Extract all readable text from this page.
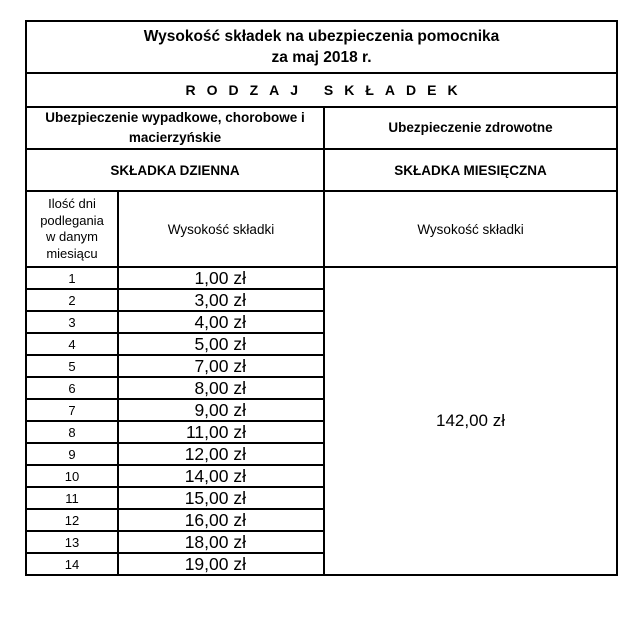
Wysokość składek na ubezpieczenia pomocnika
za maj 2018 r.		
RODZAJ SKŁADEK		
Ubezpieczenie wypadkowe, chorobowe i
macierzyńskie		Ubezpieczenie zdrowotne
SKŁADKA DZIENNA		SKŁADKA MIESIĘCZNA
Ilość dni
podlegania
w danym
miesiącu	Wysokość składki	Wysokość składki
1	1,00 zł	142,00 zł
2	3,00 zł	
3	4,00 zł	
4	5,00 zł	
5	7,00 zł	
6	8,00 zł	
7	9,00 zł	
8	11,00 zł	
9	12,00 zł	
10	14,00 zł	
11	15,00 zł	
12	16,00 zł	
13	18,00 zł	
14	19,00 zł	
